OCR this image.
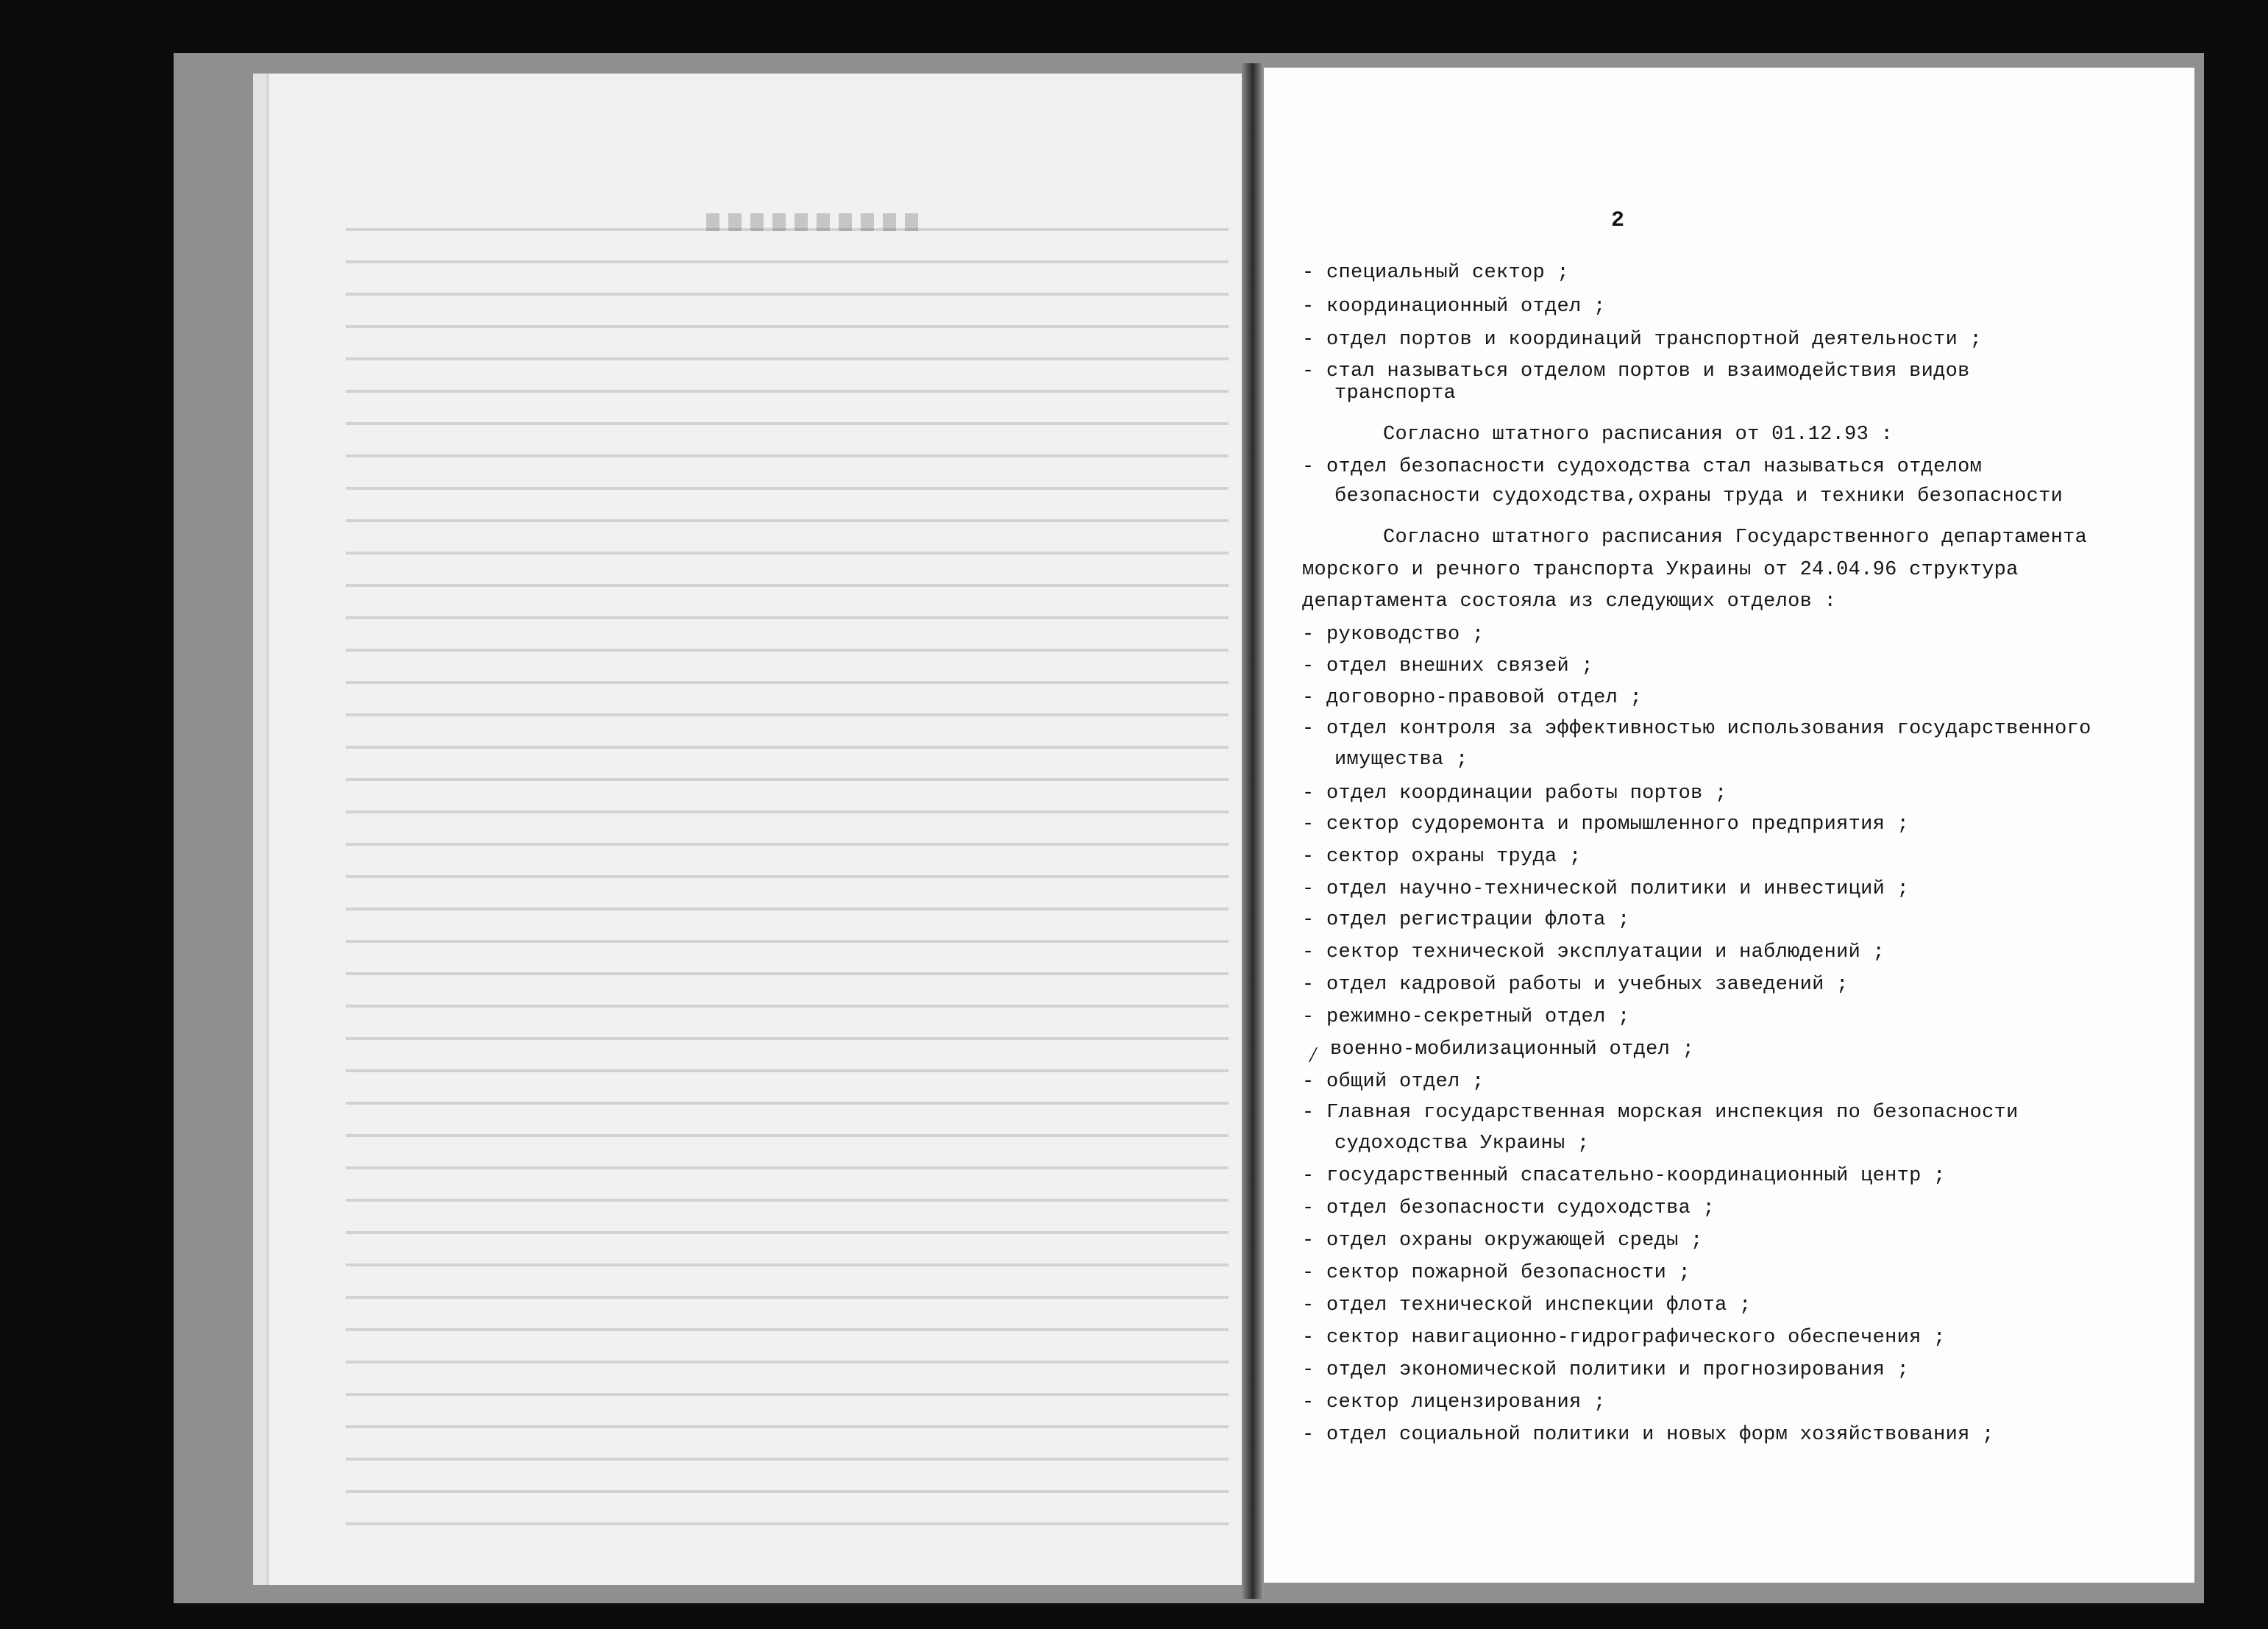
2
- специальный сектор ;
- координационный отдел ;
- отдел портов и координаций транспортной деятельности ;
- стал называться отделом портов и взаимодействия видов
транспорта
Согласно штатного расписания от 01.12.93 :
- отдел безопасности судоходства стал называться отделом
безопасности судоходства,охраны труда и техники безопасности
Согласно штатного расписания Государственного департамента
морского и речного транспорта Украины от 24.04.96 структура
департамента состояла из следующих отделов :
- руководство ;
- отдел внешних связей ;
- договорно-правовой отдел ;
- отдел контроля за эффективностью использования государственного
имущества ;
- отдел координации работы портов ;
- сектор судоремонта и промышленного предприятия ;
- сектор охраны труда ;
- отдел научно-технической политики и инвестиций ;
- отдел регистрации флота ;
- сектор технической эксплуатации и наблюдений ;
- отдел кадровой работы и учебных заведений ;
- режимно-секретный отдел ;
военно-мобилизационный отдел ;
- общий отдел ;
- Главная государственная морская инспекция по безопасности
судоходства Украины ;
- государственный спасательно-координационный центр ;
- отдел безопасности судоходства ;
- отдел охраны окружающей среды ;
- сектор пожарной безопасности ;
- отдел технической инспекции флота ;
- сектор навигационно-гидрографического обеспечения ;
- отдел экономической политики и прогнозирования ;
- сектор лицензирования ;
- отдел социальной политики и новых форм хозяйствования ;
∕
